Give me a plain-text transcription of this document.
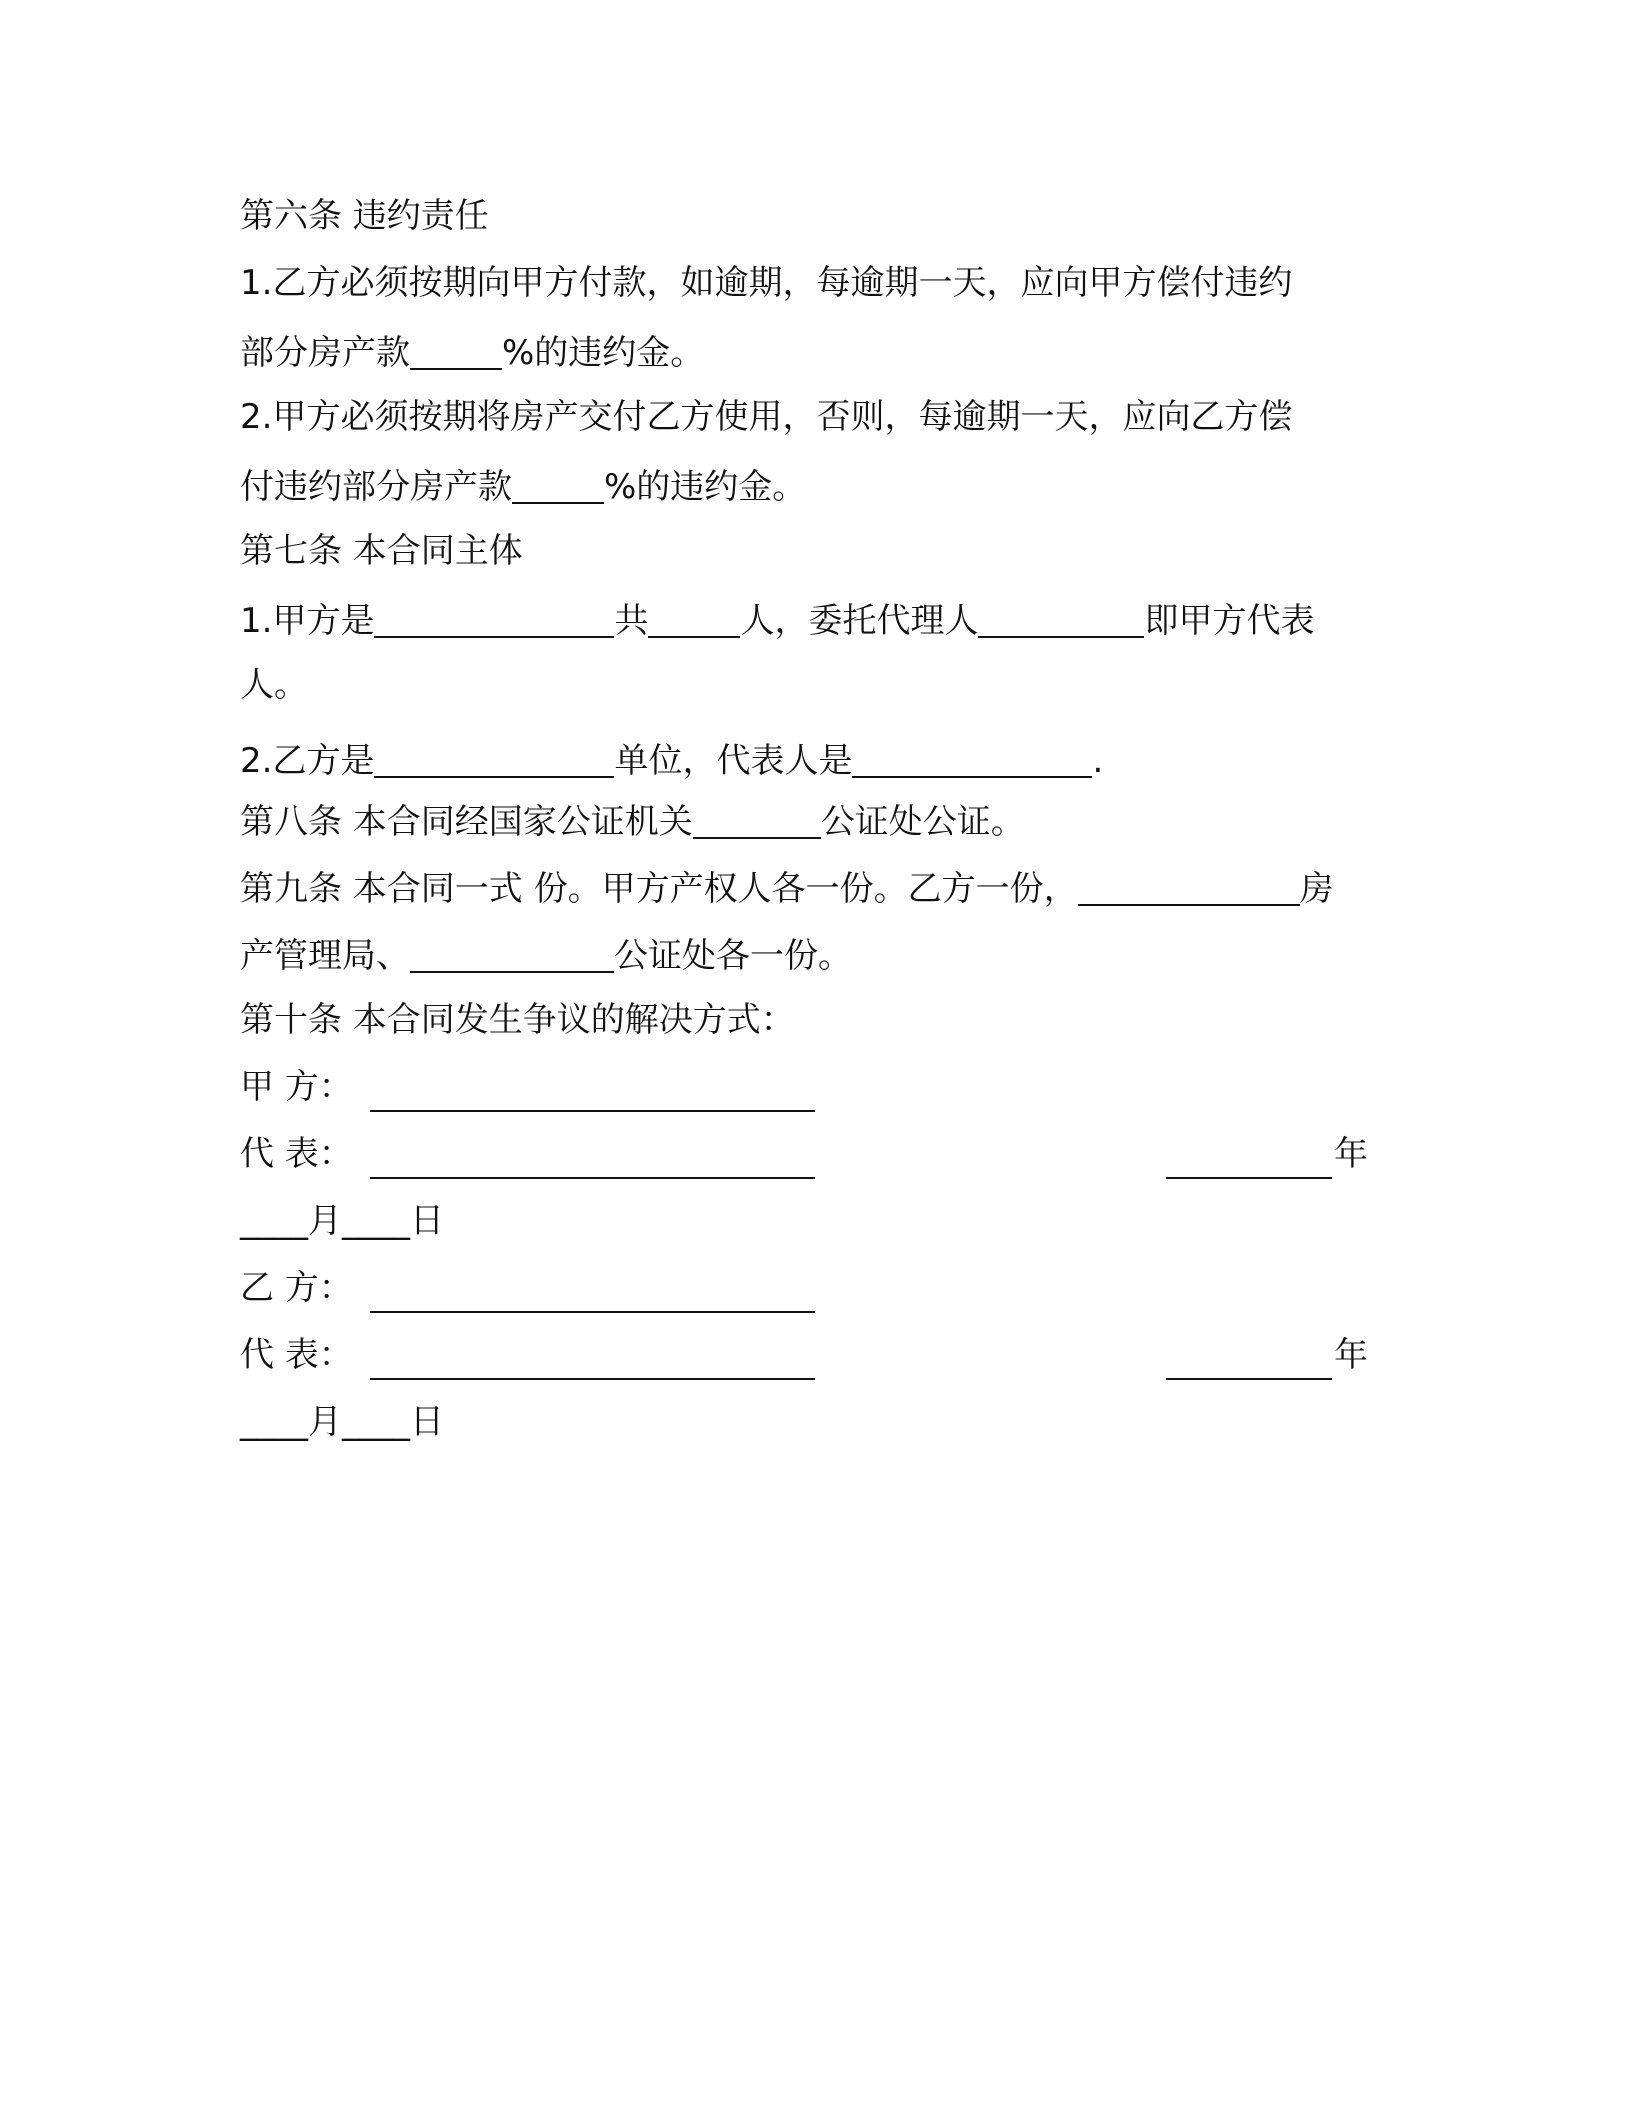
第六条 违约责任
1.乙方必须按期向甲方付款，如逾期，每逾期一天，应向甲方偿付违约
部分房产款	%的违约金。
2.甲方必须按期将房产交付乙方使用，否则，每逾期一天，应向乙方偿
付违约部分房产款	%的违约金。
第七条 本合同主体
1.甲方是	共	人，委托代理人	即甲方代表
人。
2.乙方是	单位，代表人是	.
第八条 本合同经国家公证机关	公证处公证。
第九条 本合同一式 份。甲方产权人各一份。乙方一份，	房
产管理局、	公证处各一份。
第十条 本合同发生争议的解决方式：
甲 方：
代 表：	年
____月____日
乙 方：
代 表：	年
____月____日
